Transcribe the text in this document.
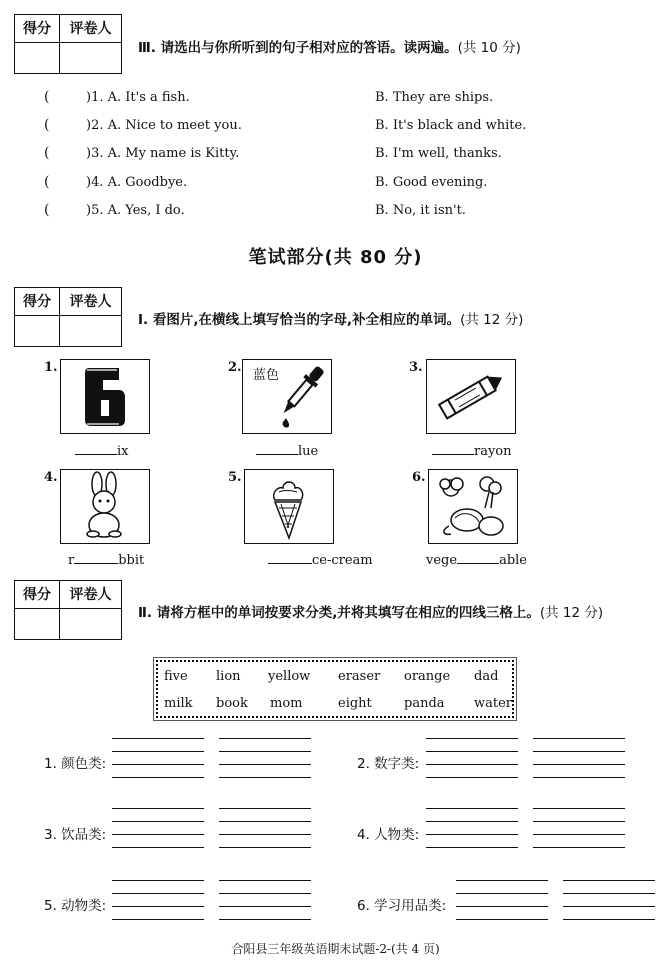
得分	评卷人
Ⅲ. 请选出与你所听到的句子相对应的答语。读两遍。(共 10 分)
(	)1. A. It's a fish.	B. They are ships.
(	)2. A. Nice to meet you.	B. It's black and white.
(	)3. A. My name is Kitty.	B. I'm well, thanks.
(	)4. A. Goodbye.	B. Good evening.
(	)5. A. Yes, I do.	B. No, it isn't.
笔试部分(共 80 分)
得分	评卷人
Ⅰ. 看图片,在横线上填写恰当的字母,补全相应的单词。(共 12 分)
1.
ix
2.
蓝色
lue
3.
rayon
4.
r	bbit
5.
ce-cream
6.
vege	able
得分	评卷人
Ⅱ. 请将方框中的单词按要求分类,并将其填写在相应的四线三格上。(共 12 分)
five lion yellow eraser orange dad
milk book mom	eight panda water
1. 颜色类:	2. 数字类:
3. 饮品类:	4. 人物类:
5. 动物类:	6. 学习用品类:
合阳县三年级英语期末试题-2-(共 4 页)
